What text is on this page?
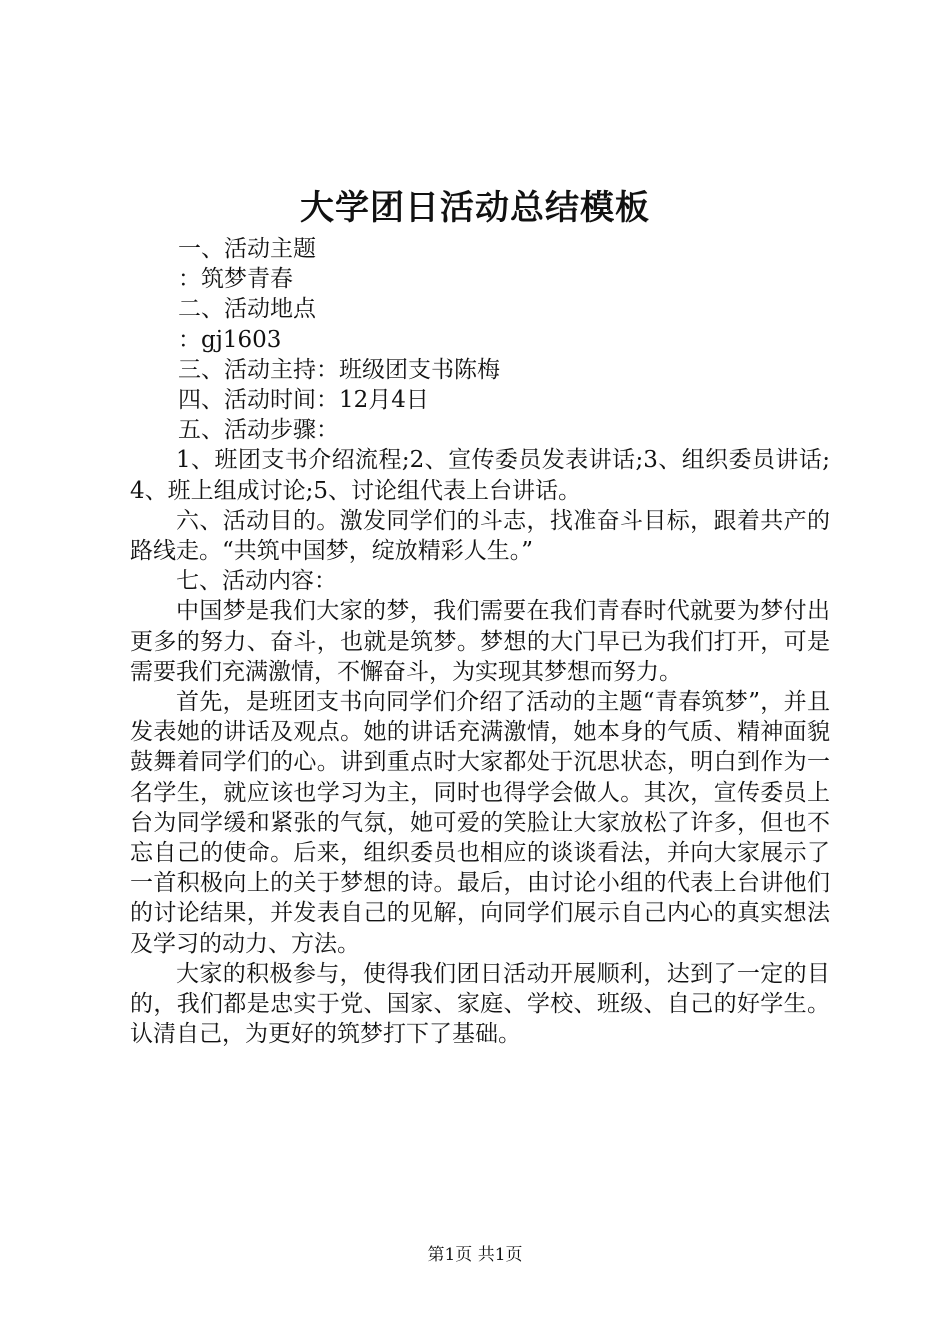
大学团日活动总结模板

一、活动主题

：筑梦青春

二、活动地点

：gj1603

三、活动主持：班级团支书陈梅

四、活动时间：12月4日

五、活动步骤：

1、班团支书介绍流程;2、宣传委员发表讲话;3、组织委员讲话;4、班上组成讨论;5、讨论组代表上台讲话。

六、活动目的。激发同学们的斗志，找准奋斗目标，跟着共产的路线走。“共筑中国梦，绽放精彩人生。”

七、活动内容：

中国梦是我们大家的梦，我们需要在我们青春时代就要为梦付出更多的努力、奋斗，也就是筑梦。梦想的大门早已为我们打开，可是需要我们充满激情，不懈奋斗，为实现其梦想而努力。

首先，是班团支书向同学们介绍了活动的主题“青春筑梦”，并且发表她的讲话及观点。她的讲话充满激情，她本身的气质、精神面貌鼓舞着同学们的心。讲到重点时大家都处于沉思状态，明白到作为一名学生，就应该也学习为主，同时也得学会做人。其次，宣传委员上台为同学缓和紧张的气氛，她可爱的笑脸让大家放松了许多，但也不忘自己的使命。后来，组织委员也相应的谈谈看法，并向大家展示了一首积极向上的关于梦想的诗。最后，由讨论小组的代表上台讲他们的讨论结果，并发表自己的见解，向同学们展示自己内心的真实想法及学习的动力、方法。

大家的积极参与，使得我们团日活动开展顺利，达到了一定的目的，我们都是忠实于党、国家、家庭、学校、班级、自己的好学生。认清自己，为更好的筑梦打下了基础。

第1页 共1页
